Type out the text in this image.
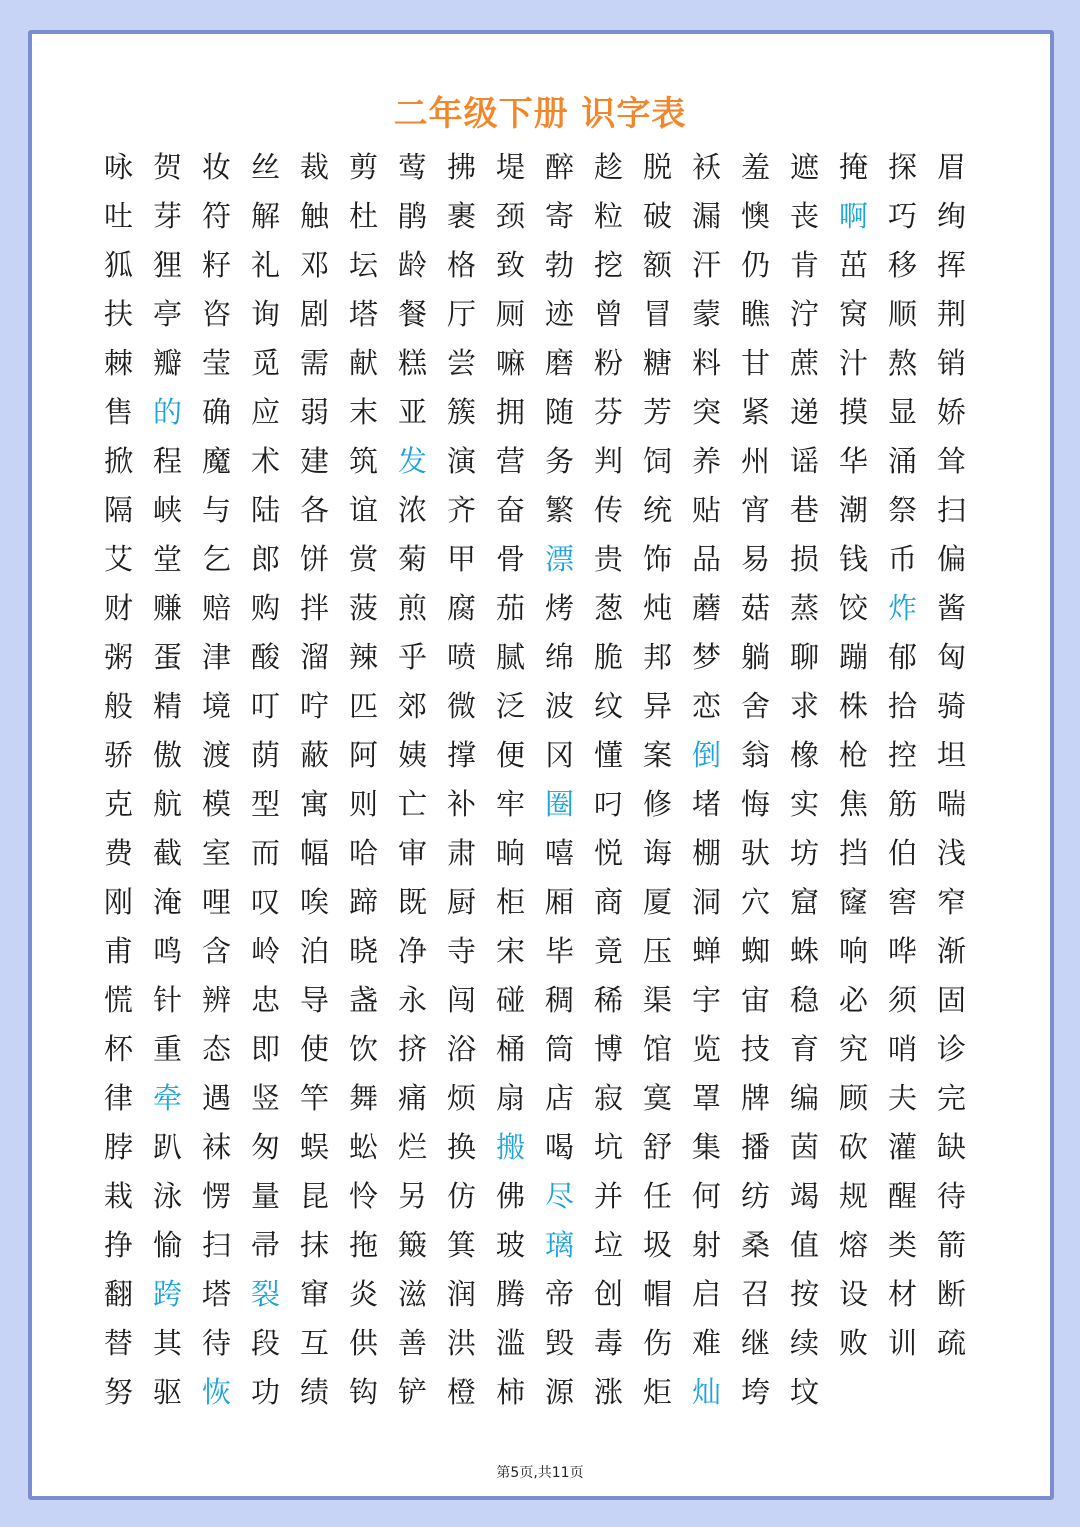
二年级下册 识字表
咏 贺 妆 丝 裁 剪 莺 拂 堤 醉 趁 脱 袄 羞 遮 掩 探 眉
吐 芽 符 解 触 杜 鹃 裹 颈 寄 粒 破 漏 懊 丧 啊 巧 绚
狐 狸 籽 礼 邓 坛 龄 格 致 勃 挖 额 汗 仍 肯 茁 移 挥
扶 亭 咨 询 剧 塔 餐 厅 厕 迹 曾 冒 蒙 瞧 泞 窝 顺 荆
棘 瓣 莹 觅 需 献 糕 尝 嘛 磨 粉 糖 料 甘 蔗 汁 熬 销
售 的 确 应 弱 末 亚 簇 拥 随 芬 芳 突 紧 递 摸 显 娇
掀 程 魔 术 建 筑 发 演 营 务 判 饲 养 州 谣 华 涌 耸
隔 峡 与 陆 各 谊 浓 齐 奋 繁 传 统 贴 宵 巷 潮 祭 扫
艾 堂 乞 郎 饼 赏 菊 甲 骨 漂 贵 饰 品 易 损 钱 币 偏
财 赚 赔 购 拌 菠 煎 腐 茄 烤 葱 炖 蘑 菇 蒸 饺 炸 酱
粥 蛋 津 酸 溜 辣 乎 喷 腻 绵 脆 邦 梦 躺 聊 蹦 郁 匈
般 精 境 叮 咛 匹 郊 微 泛 波 纹 异 恋 舍 求 株 拾 骑
骄 傲 渡 荫 蔽 阿 姨 撑 便 冈 懂 案 倒 翁 橡 枪 控 坦
克 航 模 型 寓 则 亡 补 牢 圈 叼 修 堵 悔 实 焦 筋 喘
费 截 室 而 幅 哈 审 肃 晌 嘻 悦 诲 棚 驮 坊 挡 伯 浅
刚 淹 哩 叹 唉 蹄 既 厨 柜 厢 商 厦 洞 穴 窟 窿 窖 窄
甫 鸣 含 岭 泊 晓 净 寺 宋 毕 竟 压 蝉 蜘 蛛 响 哗 渐
慌 针 辨 忠 导 盏 永 闯 碰 稠 稀 渠 宇 宙 稳 必 须 固
杯 重 态 即 使 饮 挤 浴 桶 筒 博 馆 览 技 育 究 哨 诊
律 牵 遇 竖 竿 舞 痛 烦 扇 店 寂 寞 罩 牌 编 顾 夫 完
脖 趴 袜 匆 蜈 蚣 烂 换 搬 喝 坑 舒 集 播 茵 砍 灌 缺
栽 泳 愣 量 昆 怜 另 仿 佛 尽 并 任 何 纺 竭 规 醒 待
挣 愉 扫 帚 抹 拖 簸 箕 玻 璃 垃 圾 射 桑 值 熔 类 箭
翻 跨 塔 裂 窜 炎 滋 润 腾 帝 创 帽 启 召 按 设 材 断
替 其 待 段 互 供 善 洪 滥 毁 毒 伤 难 继 续 败 训 疏
努 驱 恢 功 绩 钩 铲 橙 柿 源 涨 炬 灿 垮 坟
第5页,共11页
